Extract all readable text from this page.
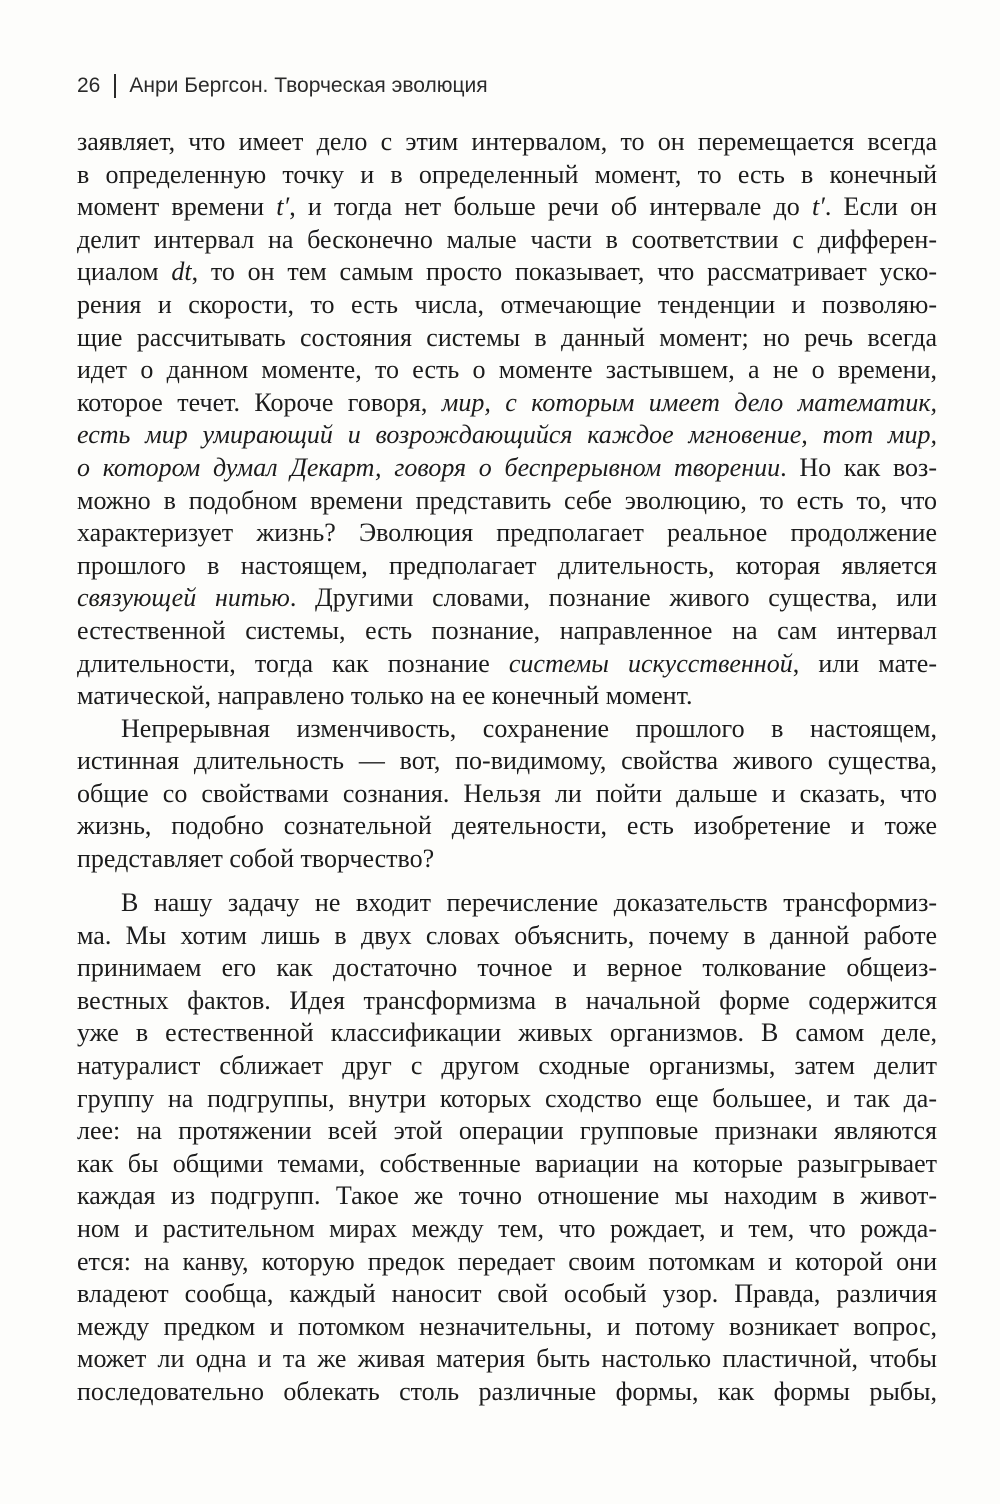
26 Анри Бергсон. Творческая эволюция
заявляет, что имеет дело с этим интервалом, то он перемещается всегда
в определенную точку и в определенный момент, то есть в конечный
момент времени t′, и тогда нет больше речи об интервале до t′. Если он
делит интервал на бесконечно малые части в соответствии с дифферен-
циалом dt, то он тем самым просто показывает, что рассматривает уско-
рения и скорости, то есть числа, отмечающие тенденции и позволяю-
щие рассчитывать состояния системы в данный момент; но речь всегда
идет о данном моменте, то есть о моменте застывшем, а не о времени,
которое течет. Короче говоря, мир, с которым имеет дело математик,
есть мир умирающий и возрождающийся каждое мгновение, тот мир,
о котором думал Декарт, говоря о беспрерывном творении. Но как воз-
можно в подобном времени представить себе эволюцию, то есть то, что
характеризует жизнь? Эволюция предполагает реальное продолжение
прошлого в настоящем, предполагает длительность, которая является
связующей нитью. Другими словами, познание живого существа, или
естественной системы, есть познание, направленное на сам интервал
длительности, тогда как познание системы искусственной, или мате-
матической, направлено только на ее конечный момент.
Непрерывная изменчивость, сохранение прошлого в настоящем,
истинная длительность — вот, по-видимому, свойства живого существа,
общие со свойствами сознания. Нельзя ли пойти дальше и сказать, что
жизнь, подобно сознательной деятельности, есть изобретение и тоже
представляет собой творчество?
В нашу задачу не входит перечисление доказательств трансформиз-
ма. Мы хотим лишь в двух словах объяснить, почему в данной работе
принимаем его как достаточно точное и верное толкование общеиз-
вестных фактов. Идея трансформизма в начальной форме содержится
уже в естественной классификации живых организмов. В самом деле,
натуралист сближает друг с другом сходные организмы, затем делит
группу на подгруппы, внутри которых сходство еще большее, и так да-
лее: на протяжении всей этой операции групповые признаки являются
как бы общими темами, собственные вариации на которые разыгрывает
каждая из подгрупп. Такое же точно отношение мы находим в живот-
ном и растительном мирах между тем, что рождает, и тем, что рожда-
ется: на канву, которую предок передает своим потомкам и которой они
владеют сообща, каждый наносит свой особый узор. Правда, различия
между предком и потомком незначительны, и потому возникает вопрос,
может ли одна и та же живая материя быть настолько пластичной, чтобы
последовательно облекать столь различные формы, как формы рыбы,
